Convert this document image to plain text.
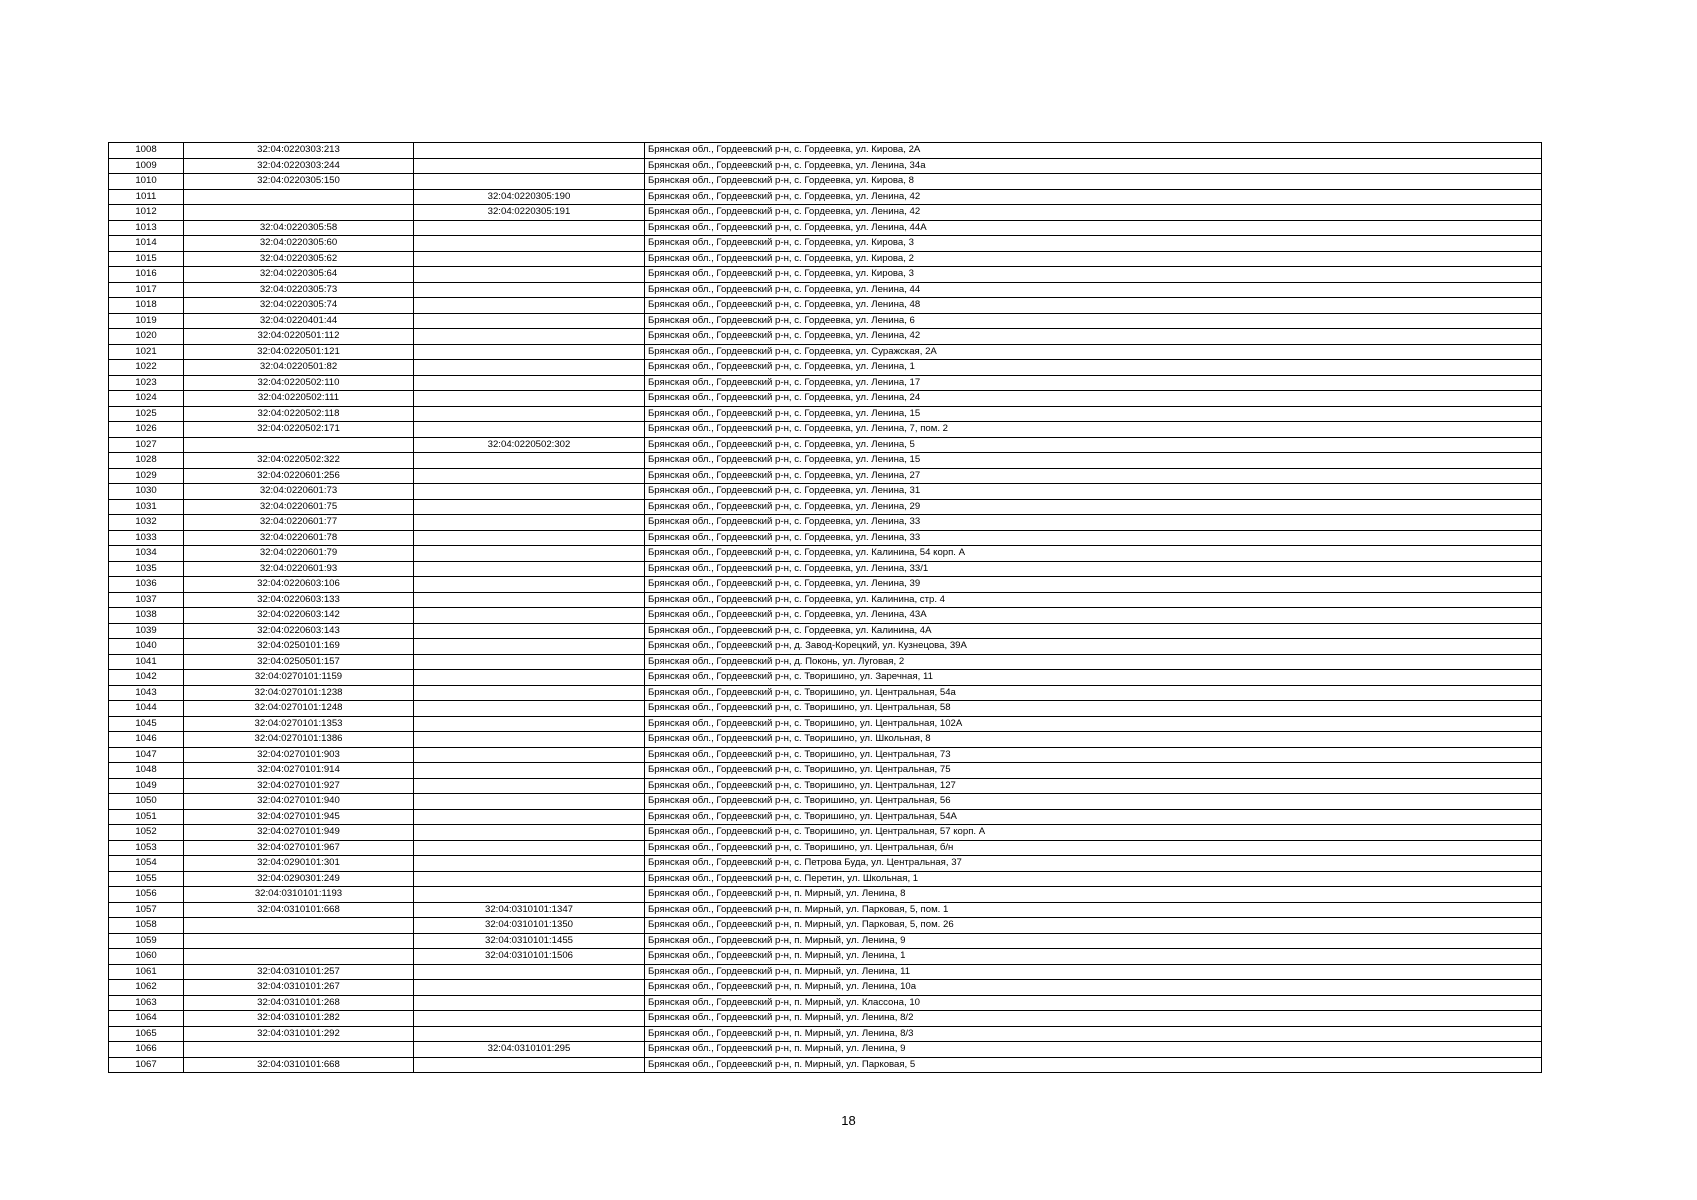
1008	32:04:0220303:213		Брянская обл., Гордеевский р-н, с. Гордеевка, ул. Кирова, 2А
1009	32:04:0220303:244		Брянская обл., Гордеевский р-н, с. Гордеевка, ул. Ленина, 34а
1010	32:04:0220305:150		Брянская обл., Гордеевский р-н, с. Гордеевка, ул. Кирова, 8
1011		32:04:0220305:190	Брянская обл., Гордеевский р-н, с. Гордеевка, ул. Ленина, 42
1012		32:04:0220305:191	Брянская обл., Гордеевский р-н, с. Гордеевка, ул. Ленина, 42
1013	32:04:0220305:58		Брянская обл., Гордеевский р-н, с. Гордеевка, ул. Ленина, 44А
1014	32:04:0220305:60		Брянская обл., Гордеевский р-н, с. Гордеевка, ул. Кирова, 3
1015	32:04:0220305:62		Брянская обл., Гордеевский р-н, с. Гордеевка, ул. Кирова, 2
1016	32:04:0220305:64		Брянская обл., Гордеевский р-н, с. Гордеевка, ул. Кирова, 3
1017	32:04:0220305:73		Брянская обл., Гордеевский р-н, с. Гордеевка, ул. Ленина, 44
1018	32:04:0220305:74		Брянская обл., Гордеевский р-н, с. Гордеевка, ул. Ленина, 48
1019	32:04:0220401:44		Брянская обл., Гордеевский р-н, с. Гордеевка, ул. Ленина, 6
1020	32:04:0220501:112		Брянская обл., Гордеевский р-н, с. Гордеевка, ул. Ленина, 42
1021	32:04:0220501:121		Брянская обл., Гордеевский р-н, с. Гордеевка, ул. Суражская, 2А
1022	32:04:0220501:82		Брянская обл., Гордеевский р-н, с. Гордеевка, ул. Ленина, 1
1023	32:04:0220502:110		Брянская обл., Гордеевский р-н, с. Гордеевка, ул. Ленина, 17
1024	32:04:0220502:111		Брянская обл., Гордеевский р-н, с. Гордеевка, ул. Ленина, 24
1025	32:04:0220502:118		Брянская обл., Гордеевский р-н, с. Гордеевка, ул. Ленина, 15
1026	32:04:0220502:171		Брянская обл., Гордеевский р-н, с. Гордеевка, ул. Ленина, 7, пом. 2
1027		32:04:0220502:302	Брянская обл., Гордеевский р-н, с. Гордеевка, ул. Ленина, 5
1028	32:04:0220502:322		Брянская обл., Гордеевский р-н, с. Гордеевка, ул. Ленина, 15
1029	32:04:0220601:256		Брянская обл., Гордеевский р-н, с. Гордеевка, ул. Ленина, 27
1030	32:04:0220601:73		Брянская обл., Гордеевский р-н, с. Гордеевка, ул. Ленина, 31
1031	32:04:0220601:75		Брянская обл., Гордеевский р-н, с. Гордеевка, ул. Ленина, 29
1032	32:04:0220601:77		Брянская обл., Гордеевский р-н, с. Гордеевка, ул. Ленина, 33
1033	32:04:0220601:78		Брянская обл., Гордеевский р-н, с. Гордеевка, ул. Ленина, 33
1034	32:04:0220601:79		Брянская обл., Гордеевский р-н, с. Гордеевка, ул. Калинина, 54 корп. А
1035	32:04:0220601:93		Брянская обл., Гордеевский р-н, с. Гордеевка, ул. Ленина, 33/1
1036	32:04:0220603:106		Брянская обл., Гордеевский р-н, с. Гордеевка, ул. Ленина, 39
1037	32:04:0220603:133		Брянская обл., Гордеевский р-н, с. Гордеевка, ул. Калинина, стр. 4
1038	32:04:0220603:142		Брянская обл., Гордеевский р-н, с. Гордеевка, ул. Ленина, 43А
1039	32:04:0220603:143		Брянская обл., Гордеевский р-н, с. Гордеевка, ул. Калинина, 4А
1040	32:04:0250101:169		Брянская обл., Гордеевский р-н, д. Завод-Корецкий, ул. Кузнецова, 39А
1041	32:04:0250501:157		Брянская обл., Гордеевский р-н, д. Поконь, ул. Луговая, 2
1042	32:04:0270101:1159		Брянская обл., Гордеевский р-н, с. Творишино, ул. Заречная, 11
1043	32:04:0270101:1238		Брянская обл., Гордеевский р-н, с. Творишино, ул. Центральная, 54а
1044	32:04:0270101:1248		Брянская обл., Гордеевский р-н, с. Творишино, ул. Центральная, 58
1045	32:04:0270101:1353		Брянская обл., Гордеевский р-н, с. Творишино, ул. Центральная, 102А
1046	32:04:0270101:1386		Брянская обл., Гордеевский р-н, с. Творишино, ул. Школьная, 8
1047	32:04:0270101:903		Брянская обл., Гордеевский р-н, с. Творишино, ул. Центральная, 73
1048	32:04:0270101:914		Брянская обл., Гордеевский р-н, с. Творишино, ул. Центральная, 75
1049	32:04:0270101:927		Брянская обл., Гордеевский р-н, с. Творишино, ул. Центральная, 127
1050	32:04:0270101:940		Брянская обл., Гордеевский р-н, с. Творишино, ул. Центральная, 56
1051	32:04:0270101:945		Брянская обл., Гордеевский р-н, с. Творишино, ул. Центральная, 54А
1052	32:04:0270101:949		Брянская обл., Гордеевский р-н, с. Творишино, ул. Центральная, 57 корп. А
1053	32:04:0270101:967		Брянская обл., Гордеевский р-н, с. Творишино, ул. Центральная, б/н
1054	32:04:0290101:301		Брянская обл., Гордеевский р-н, с. Петрова Буда, ул. Центральная, 37
1055	32:04:0290301:249		Брянская обл., Гордеевский р-н, с. Перетин, ул. Школьная, 1
1056	32:04:0310101:1193		Брянская обл., Гордеевский р-н, п. Мирный, ул. Ленина, 8
1057	32:04:0310101:668	32:04:0310101:1347	Брянская обл., Гордеевский р-н, п. Мирный, ул. Парковая, 5, пом. 1
1058		32:04:0310101:1350	Брянская обл., Гордеевский р-н, п. Мирный, ул. Парковая, 5, пом. 26
1059		32:04:0310101:1455	Брянская обл., Гордеевский р-н, п. Мирный, ул. Ленина, 9
1060		32:04:0310101:1506	Брянская обл., Гордеевский р-н, п. Мирный, ул. Ленина, 1
1061	32:04:0310101:257		Брянская обл., Гордеевский р-н, п. Мирный, ул. Ленина, 11
1062	32:04:0310101:267		Брянская обл., Гордеевский р-н, п. Мирный, ул. Ленина, 10а
1063	32:04:0310101:268		Брянская обл., Гордеевский р-н, п. Мирный, ул. Классона, 10
1064	32:04:0310101:282		Брянская обл., Гордеевский р-н, п. Мирный, ул. Ленина, 8/2
1065	32:04:0310101:292		Брянская обл., Гордеевский р-н, п. Мирный, ул. Ленина, 8/3
1066		32:04:0310101:295	Брянская обл., Гордеевский р-н, п. Мирный, ул. Ленина, 9
1067	32:04:0310101:668		Брянская обл., Гордеевский р-н, п. Мирный, ул. Парковая, 5
18
